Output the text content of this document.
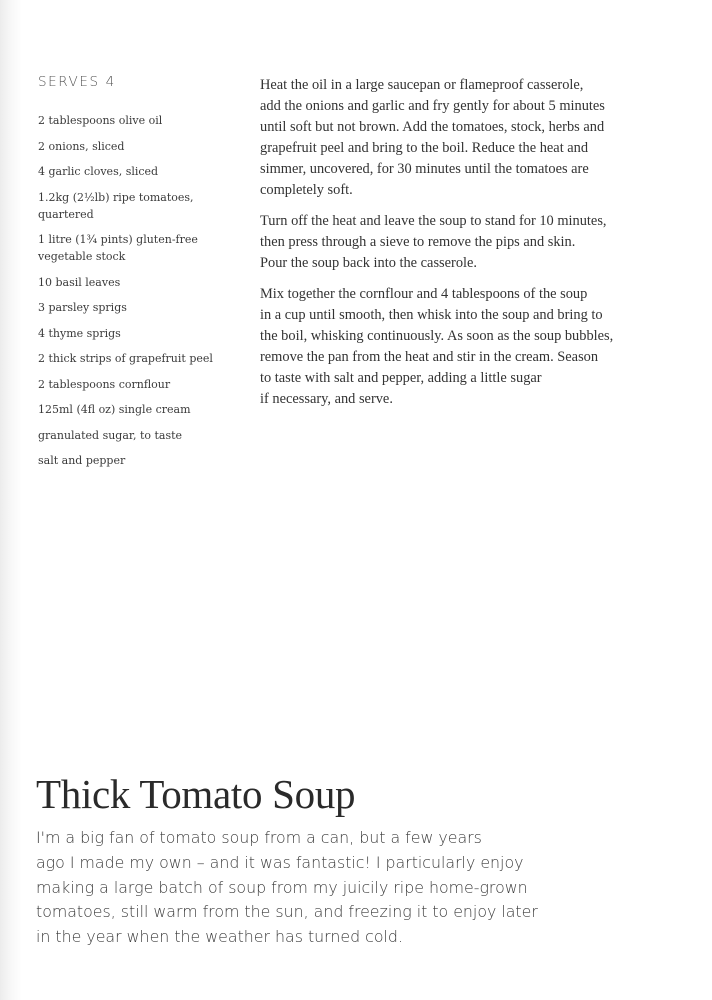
SERVES 4
2 tablespoons olive oil
2 onions, sliced
4 garlic cloves, sliced
1.2kg (2½lb) ripe tomatoes, quartered
1 litre (1¾ pints) gluten-free vegetable stock
10 basil leaves
3 parsley sprigs
4 thyme sprigs
2 thick strips of grapefruit peel
2 tablespoons cornflour
125ml (4fl oz) single cream
granulated sugar, to taste
salt and pepper

Heat the oil in a large saucepan or flameproof casserole,
add the onions and garlic and fry gently for about 5 minutes
until soft but not brown. Add the tomatoes, stock, herbs and
grapefruit peel and bring to the boil. Reduce the heat and
simmer, uncovered, for 30 minutes until the tomatoes are
completely soft.

Turn off the heat and leave the soup to stand for 10 minutes,
then press through a sieve to remove the pips and skin.
Pour the soup back into the casserole.

Mix together the cornflour and 4 tablespoons of the soup
in a cup until smooth, then whisk into the soup and bring to
the boil, whisking continuously. As soon as the soup bubbles,
remove the pan from the heat and stir in the cream. Season
to taste with salt and pepper, adding a little sugar
if necessary, and serve.

Thick Tomato Soup

I'm a big fan of tomato soup from a can, but a few years
ago I made my own – and it was fantastic! I particularly enjoy
making a large batch of soup from my juicily ripe home-grown
tomatoes, still warm from the sun, and freezing it to enjoy later
in the year when the weather has turned cold.
